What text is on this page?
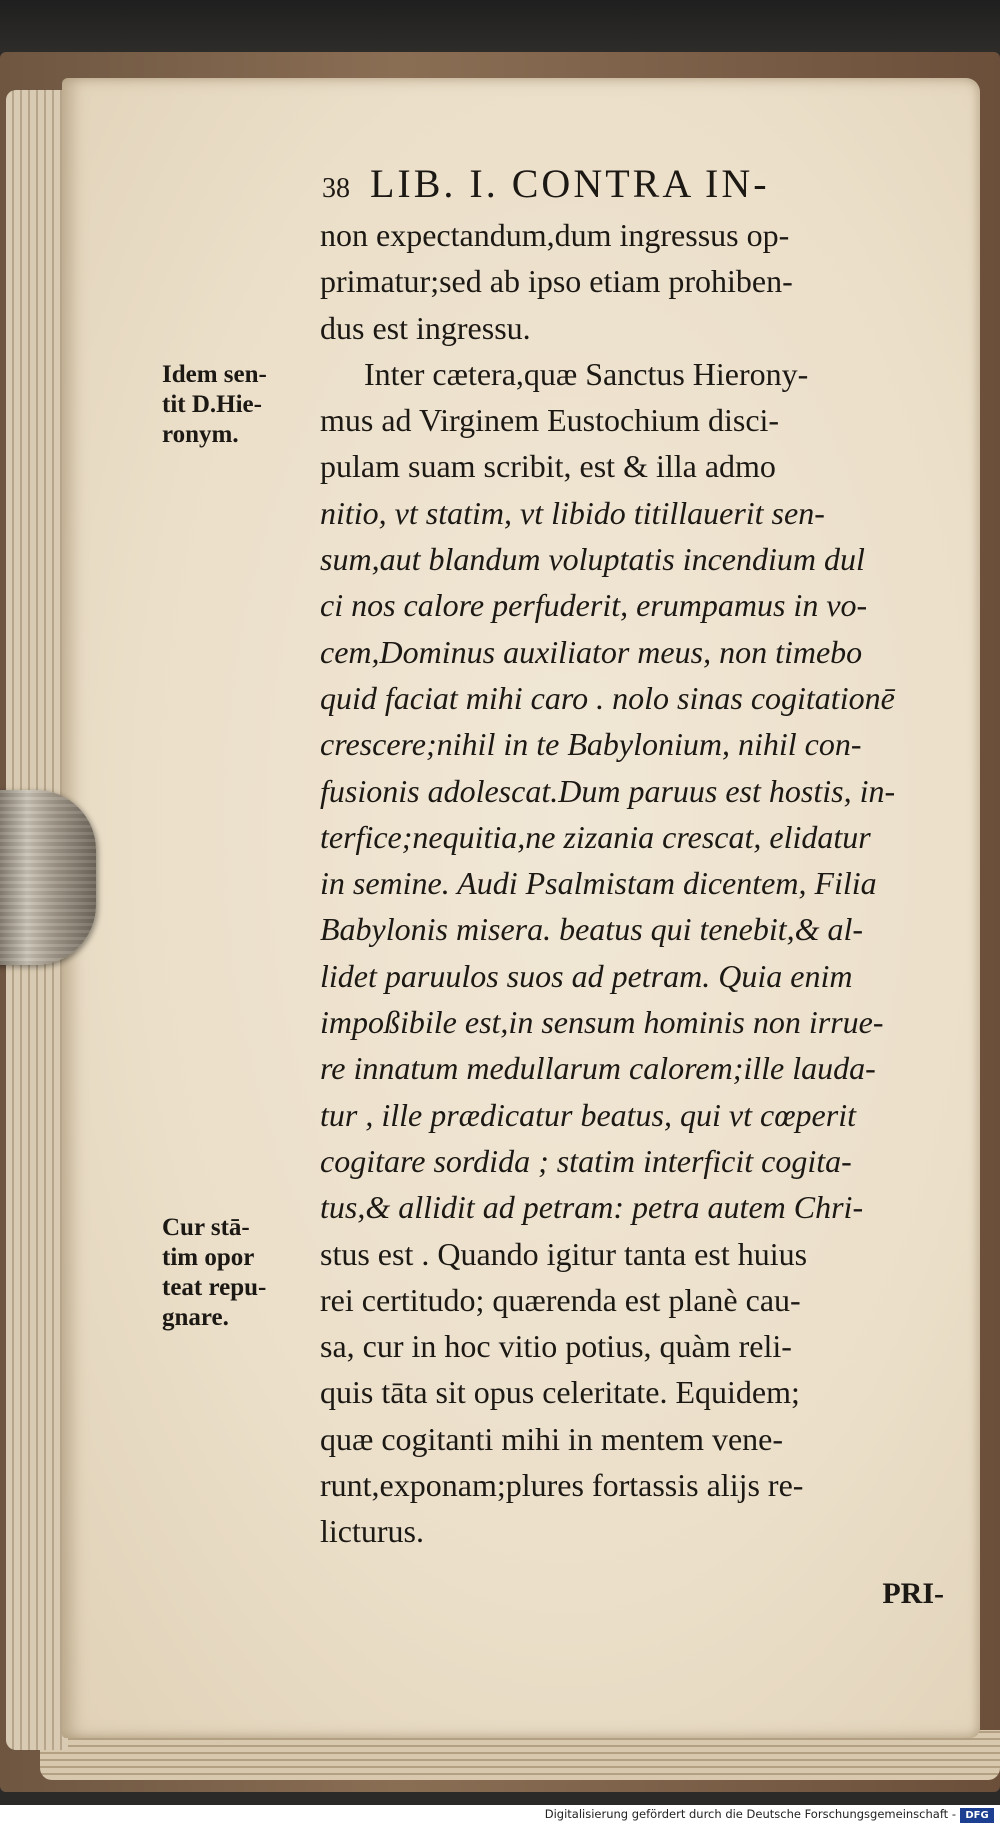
38 LIB. I. CONTRA IN-
non expectandum,dum ingressus op-
primatur;sed ab ipso etiam prohiben-
dus est ingressu.
Inter cætera,quæ Sanctus Hierony-
mus ad Virginem Eustochium disci-
pulam suam scribit, est & illa admo
nitio, vt statim, vt libido titillauerit sen-
sum,aut blandum voluptatis incendium dul
ci nos calore perfuderit, erumpamus in vo-
cem,Dominus auxiliator meus, non timebo
quid faciat mihi caro . nolo sinas cogitationē
crescere;nihil in te Babylonium, nihil con-
fusionis adolescat.Dum paruus est hostis, in-
terfice;nequitia,ne zizania crescat, elidatur
in semine. Audi Psalmistam dicentem, Filia
Babylonis misera. beatus qui tenebit,& al-
lidet paruulos suos ad petram. Quia enim
impoßibile est,in sensum hominis non irrue-
re innatum medullarum calorem;ille lauda-
tur , ille prædicatur beatus, qui vt cœperit
cogitare sordida ; statim interficit cogita-
tus,& allidit ad petram: petra autem Chri-
stus est . Quando igitur tanta est huius
rei certitudo; quærenda est planè cau-
sa, cur in hoc vitio potius, quàm reli-
quis tāta sit opus celeritate. Equidem;
quæ cogitanti mihi in mentem vene-
runt,exponam;plures fortassis alijs re-
licturus.
PRI-
Idem sen-
tit D.Hie-
ronym.
Cur stā-
tim opor
teat repu-
gnare.
Digitalisierung gefördert durch die Deutsche Forschungsgemeinschaft - DFG
